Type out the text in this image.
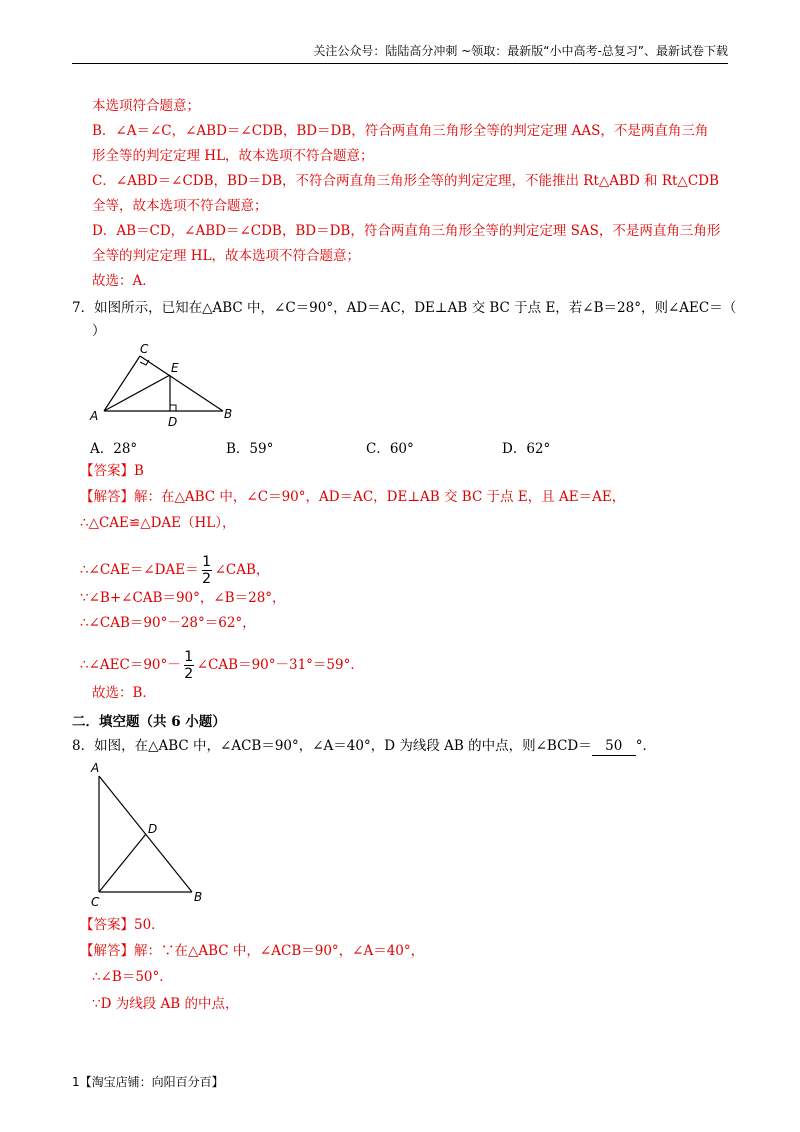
关注公众号：陆陆高分冲刺 ~领取：最新版“小中高考-总复习”、最新试卷下载
本选项符合题意；
B．∠A＝∠C，∠ABD＝∠CDB，BD＝DB，符合两直角三角形全等的判定定理 AAS，不是两直角三角
形全等的判定定理 HL，故本选项不符合题意；
C．∠ABD＝∠CDB，BD＝DB，不符合两直角三角形全等的判定定理，不能推出 Rt△ABD 和 Rt△CDB
全等，故本选项不符合题意；
D．AB＝CD，∠ABD＝∠CDB，BD＝DB，符合两直角三角形全等的判定定理 SAS，不是两直角三角形
全等的判定定理 HL，故本选项不符合题意；
故选：A．
7．如图所示，已知在△ABC 中，∠C＝90°，AD＝AC，DE⊥AB 交 BC 于点 E，若∠B＝28°，则∠AEC＝（
）
C
E
A	B
D
A．28°	B．59°	C．60°	D．62°
【答案】B
【解答】解：在△ABC 中，∠C＝90°，AD＝AC，DE⊥AB 交 BC 于点 E，且 AE＝AE，
∴△CAE≌△DAE（HL），
∴∠CAE＝∠DAE＝ $\frac{1}{2}$ ∠CAB，
∵∠B+∠CAB＝90°，∠B＝28°，
∴∠CAB＝90°－28°＝62°，
∴∠AEC＝90°－ $\frac{1}{2}$ ∠CAB＝90°－31°＝59°．
故选：B．
二．填空题（共 6 小题）
8．如图，在△ABC 中，∠ACB＝90°，∠A＝40°，D 为线段 AB 的中点，则∠BCD＝ 50 °．
A
D
C	B
【答案】50．
【解答】解：∵在△ABC 中，∠ACB＝90°，∠A＝40°，
∴∠B＝50°．
∵D 为线段 AB 的中点，
1【淘宝店铺：向阳百分百】
